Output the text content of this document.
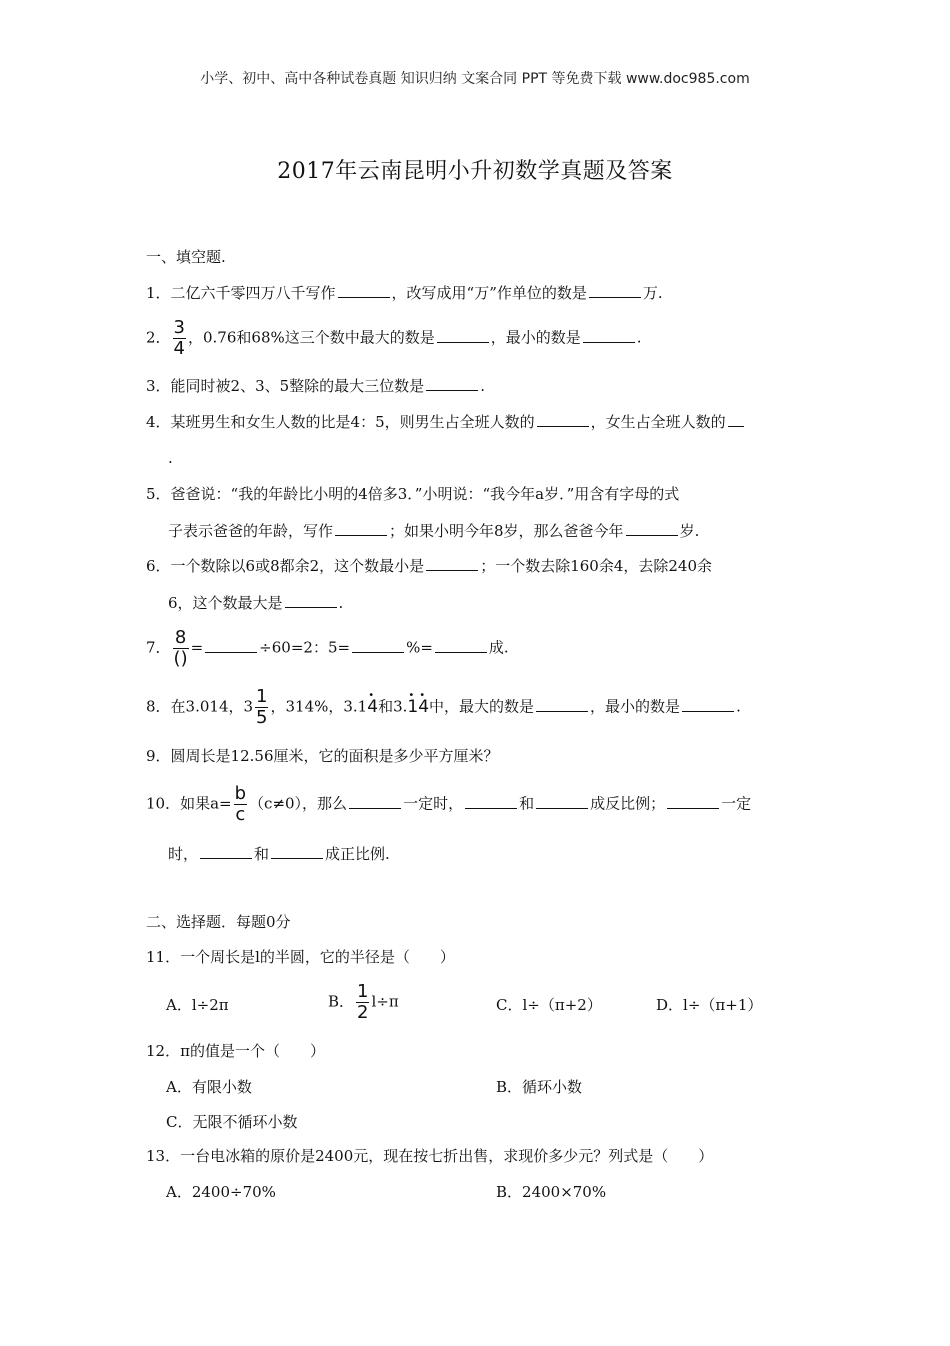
小学、初中、高中各种试卷真题 知识归纳 文案合同 PPT 等免费下载 www.doc985.com
2017年云南昆明小升初数学真题及答案
一、填空题.
1．二亿六千零四万八千写作	，改写成用“万”作单位的数是	万.
2． $\frac{3}{4}$ ，0.76和68%这三个数中最大的数是	，最小的数是	.
3．能同时被2、3、5整除的最大三位数是	.
4．某班男生和女生人数的比是4：5，则男生占全班人数的	，女生占全班人数的
.
5．爸爸说：“我的年龄比小明的4倍多3．”小明说：“我今年a岁．”用含有字母的式
子表示爸爸的年龄，写作	；如果小明今年8岁，那么爸爸今年	岁.
6．一个数除以6或8都余2，这个数最小是	；一个数去除160余4，去除240余
6，这个数最大是	.
7． $\frac{8}{()}$ =	÷60=2：5=	%=	成.
8．在3.014，$3 \frac{1}{5}$ ，314%，3.1• 4和3.• 1• 4中，最大的数是	，最小的数是	.
9．圆周长是12.56厘米，它的面积是多少平方厘米？
10．如果$a= \frac{b}{c} (c\ne 0)$，那么	一定时，	和	成反比例；	一定
时，	和	成正比例.
二、选择题．每题0分
11．一个周长是l的半圆，它的半径是（　　）
A．l÷2π	B． $\frac{1}{2} l\div\pi$	C．l÷（π+2）	D．l÷（π+1）
12．π的值是一个（　　）
A．有限小数	B．循环小数
C．无限不循环小数
13．一台电冰箱的原价是2400元，现在按七折出售，求现价多少元？列式是（　　）
A．2400÷70%	B．2400×70%
